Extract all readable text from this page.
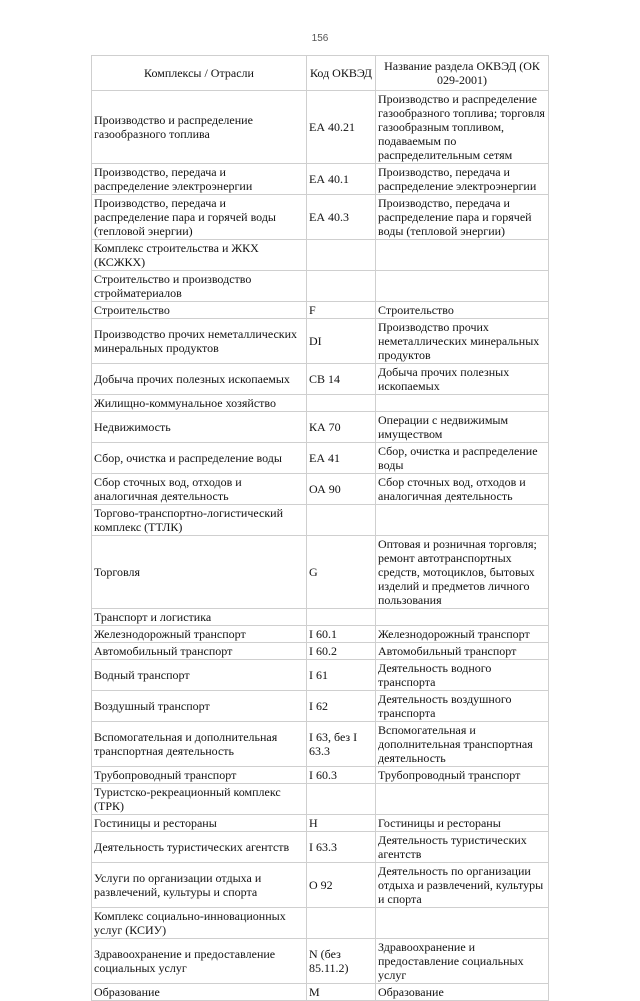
156
Комплексы / Отрасли	Код ОКВЭД	Название раздела ОКВЭД (ОК 029-2001)
Производство и распределение газообразного топлива	ЕА 40.21	Производство и распределение газообразного топлива; торговля газообразным топливом, подаваемым по распределительным сетям
Производство, передача и распределение электроэнергии	ЕА 40.1	Производство, передача и распределение электроэнергии
Производство, передача и распределение пара и горячей воды (тепловой энергии)	ЕА 40.3	Производство, передача и распределение пара и горячей воды (тепловой энергии)
Комплекс строительства и ЖКХ (КСЖКХ)		
Строительство и производство стройматериалов		
Строительство	F	Строительство
Производство прочих неметаллических минеральных продуктов	DI	Производство прочих неметаллических минеральных продуктов
Добыча прочих полезных ископаемых	СВ 14	Добыча прочих полезных ископаемых
Жилищно-коммунальное хозяйство		
Недвижимость	КА 70	Операции с недвижимым имуществом
Сбор, очистка и распределение воды	ЕА 41	Сбор, очистка и распределение воды
Сбор сточных вод, отходов и аналогичная деятельность	ОА 90	Сбор сточных вод, отходов и аналогичная деятельность
Торгово-транспортно-логистический комплекс (ТТЛК)		
Торговля	G	Оптовая и розничная торговля; ремонт автотранспортных средств, мотоциклов, бытовых изделий и предметов личного пользования
Транспорт и логистика		
Железнодорожный транспорт	I 60.1	Железнодорожный транспорт
Автомобильный транспорт	I 60.2	Автомобильный транспорт
Водный транспорт	I 61	Деятельность водного транспорта
Воздушный транспорт	I 62	Деятельность воздушного транспорта
Вспомогательная и дополнительная транспортная деятельность	I 63, без I 63.3	Вспомогательная и дополнительная транспортная деятельность
Трубопроводный транспорт	I 60.3	Трубопроводный транспорт
Туристско-рекреационный комплекс (ТРК)		
Гостиницы и рестораны	H	Гостиницы и рестораны
Деятельность туристических агентств	I 63.3	Деятельность туристических агентств
Услуги по организации отдыха и развлечений, культуры и спорта	О 92	Деятельность по организации отдыха и развлечений, культуры и спорта
Комплекс социально-инновационных услуг (КСИУ)		
Здравоохранение и предоставление социальных услуг	N (без 85.11.2)	Здравоохранение и предоставление социальных услуг
Образование	M	Образование
